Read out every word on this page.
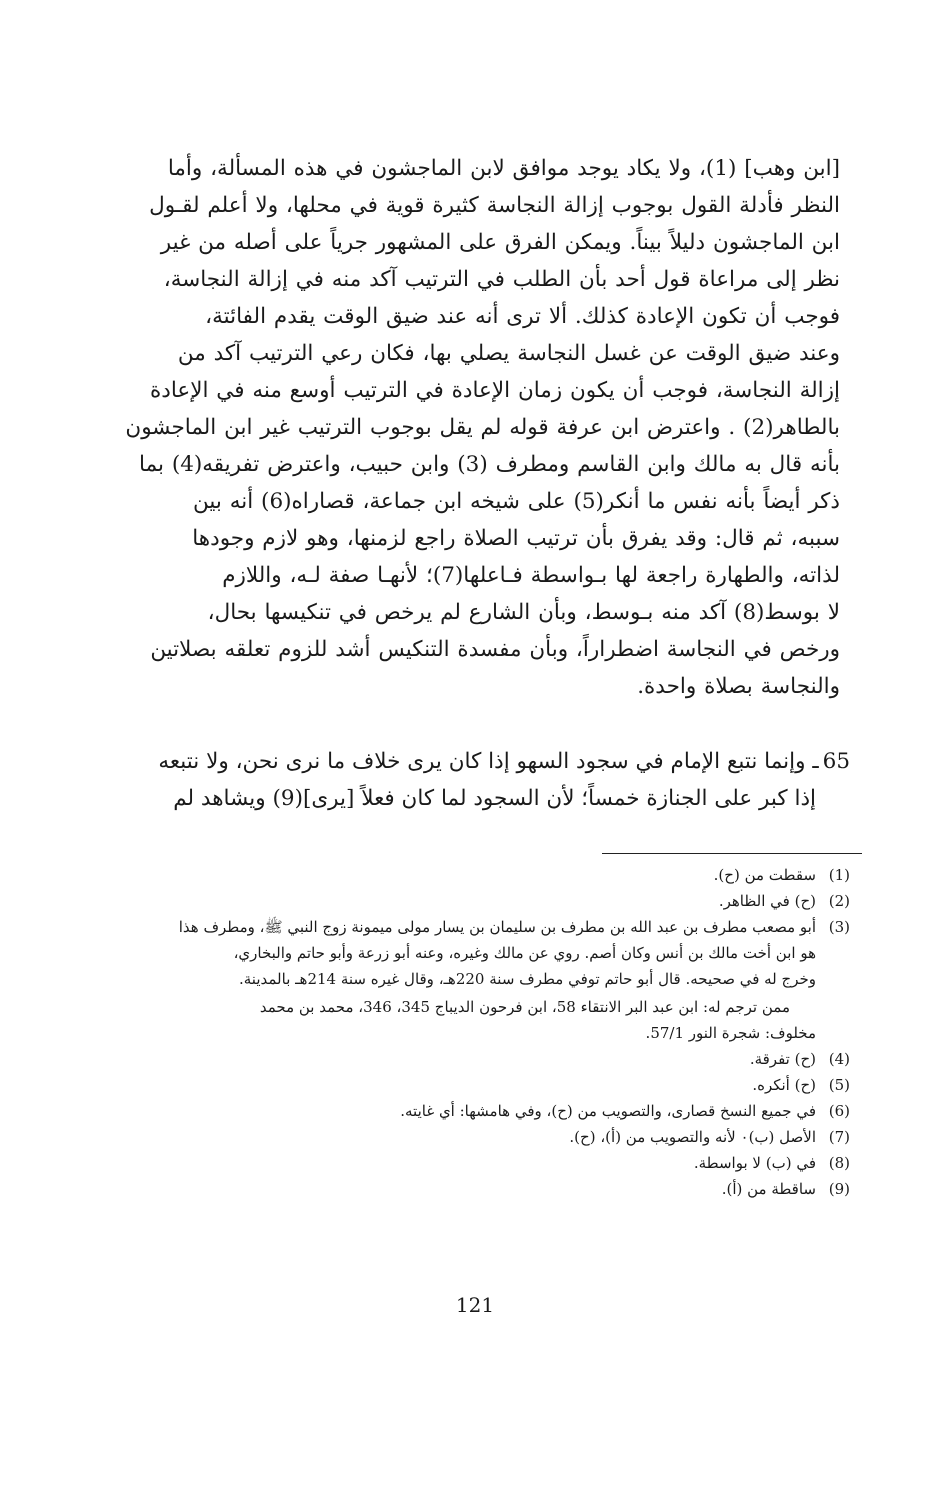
[ابن وهب] (1)، ولا يكاد يوجد موافق لابن الماجشون في هذه المسألة، وأما
النظر فأدلة القول بوجوب إزالة النجاسة كثيرة قوية في محلها، ولا أعلم لقـول
ابن الماجشون دليلاً بيناً. ويمكن الفرق على المشهور جرياً على أصله من غير
نظر إلى مراعاة قول أحد بأن الطلب في الترتيب آكد منه في إزالة النجاسة،
فوجب أن تكون الإعادة كذلك. ألا ترى أنه عند ضيق الوقت يقدم الفائتة،
وعند ضيق الوقت عن غسل النجاسة يصلي بها، فكان رعي الترتيب آكد من
إزالة النجاسة، فوجب أن يكون زمان الإعادة في الترتيب أوسع منه في الإعادة
بالطاهر(2) . واعترض ابن عرفة قوله لم يقل بوجوب الترتيب غير ابن الماجشون
بأنه قال به مالك وابن القاسم ومطرف (3) وابن حبيب، واعترض تفريقه(4) بما
ذكر أيضاً بأنه نفس ما أنكر(5) على شيخه ابن جماعة، قصاراه(6) أنه بين
سببه، ثم قال: وقد يفرق بأن ترتيب الصلاة راجع لزمنها، وهو لازم وجودها
لذاته، والطهارة راجعة لها بـواسطة فـاعلها(7)؛ لأنهـا صفة لـه، واللازم
لا بوسط(8) آكد منه بـوسط، وبأن الشارع لم يرخص في تنكيسها بحال،
ورخص في النجاسة اضطراراً، وبأن مفسدة التنكيس أشد للزوم تعلقه بصلاتين
والنجاسة بصلاة واحدة.
65ـ وإنما نتبع الإمام في سجود السهو إذا كان يرى خلاف ما نرى نحن، ولا نتبعه
إذا كبر على الجنازة خمساً؛ لأن السجود لما كان فعلاً [يرى](9) ويشاهد لم
(1)سقطت من (ح).
(2)(ح) في الظاهر.
(3)أبو مصعب مطرف بن عبد الله بن مطرف بن سليمان بن يسار مولى ميمونة زوج النبي ﷺ، ومطرف هذا
هو ابن أخت مالك بن أنس وكان أصم. روي عن مالك وغيره، وعنه أبو زرعة وأبو حاتم والبخاري،
وخرج له في صحيحه. قال أبو حاتم توفي مطرف سنة 220هـ، وقال غيره سنة 214هـ بالمدينة.
ممن ترجم له: ابن عبد البر الانتقاء 58، ابن فرحون الديباج 345، 346، محمد بن محمد
مخلوف: شجرة النور 57/1.
(4)(ح) تفرقة.
(5)(ح) أنكره.
(6)في جميع النسخ قصارى، والتصويب من (ح)، وفي هامشها: أي غايته.
(7)الأصل (ب)٠ لأنه والتصويب من (أ)، (ح).
(8)في (ب) لا بواسطة.
(9)ساقطة من (أ).
121
